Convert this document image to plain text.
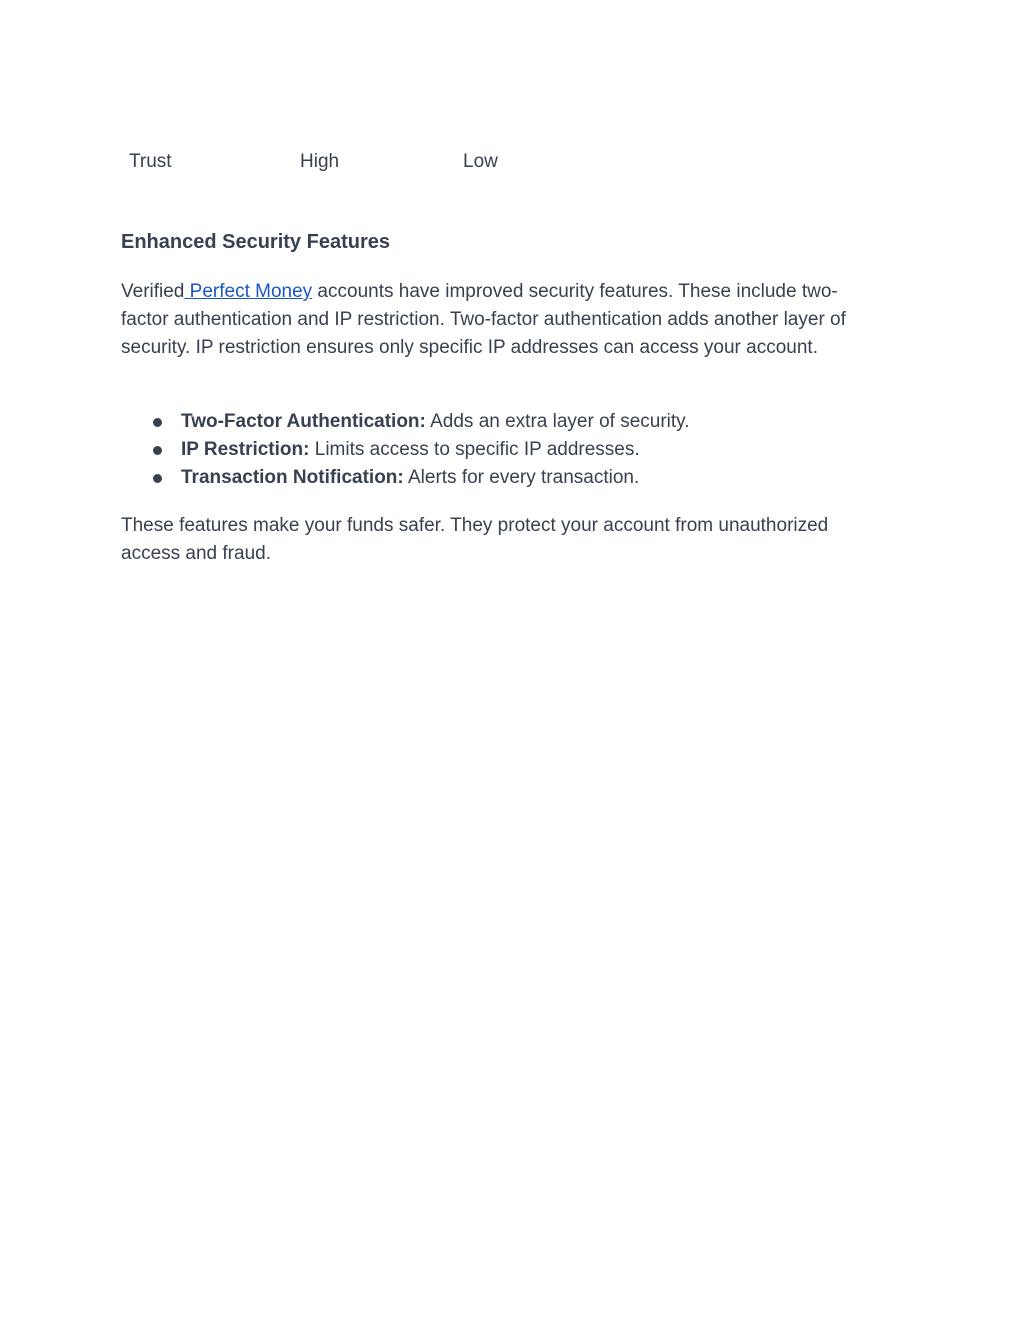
Trust	High	Low
Enhanced Security Features

Verified Perfect Money accounts have improved security features. These include two-factor authentication and IP restriction. Two-factor authentication adds another layer of security. IP restriction ensures only specific IP addresses can access your account.

Two-Factor Authentication: Adds an extra layer of security.
IP Restriction: Limits access to specific IP addresses.
Transaction Notification: Alerts for every transaction.

These features make your funds safer. They protect your account from unauthorized access and fraud.
